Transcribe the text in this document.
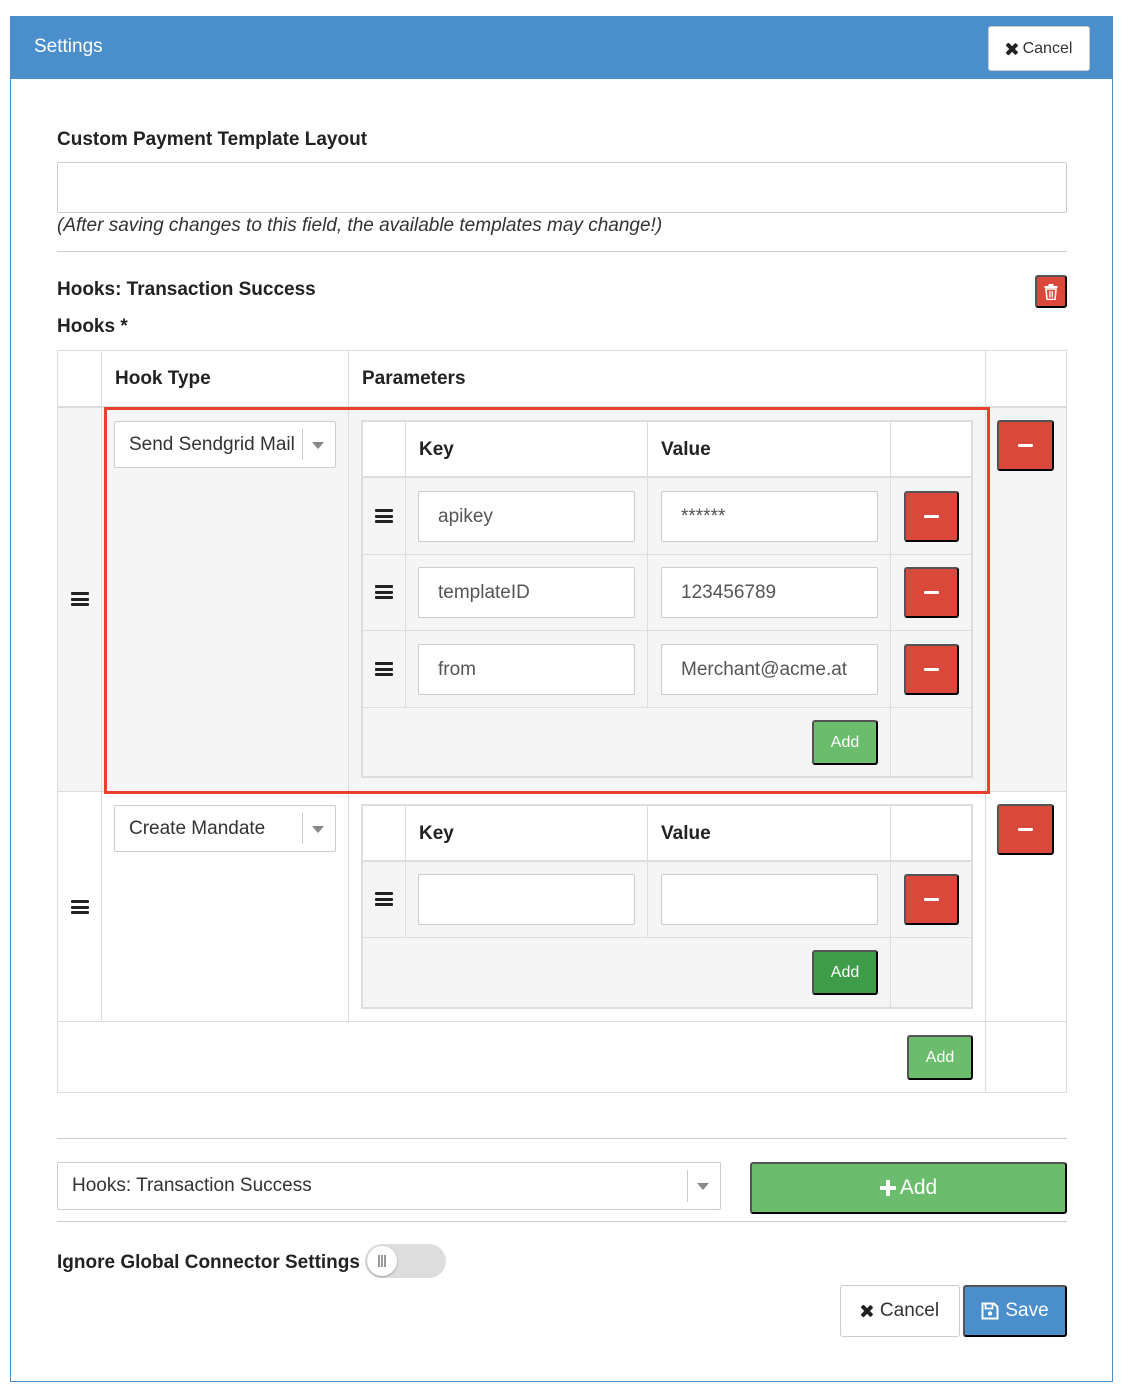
Settings	Cancel
Custom Payment Template Layout
(After saving changes to this field, the available templates may change!)
Hooks: Transaction Success
Hooks *
Hook Type	Parameters
Send Sendgrid Mail	Key	Value
apikey	******
templateID	123456789
from	Merchant@acme.at
Add
Create Mandate	Key	Value
Add
Add
Hooks: Transaction Success	Add
Ignore Global Connector Settings
Cancel	Save
